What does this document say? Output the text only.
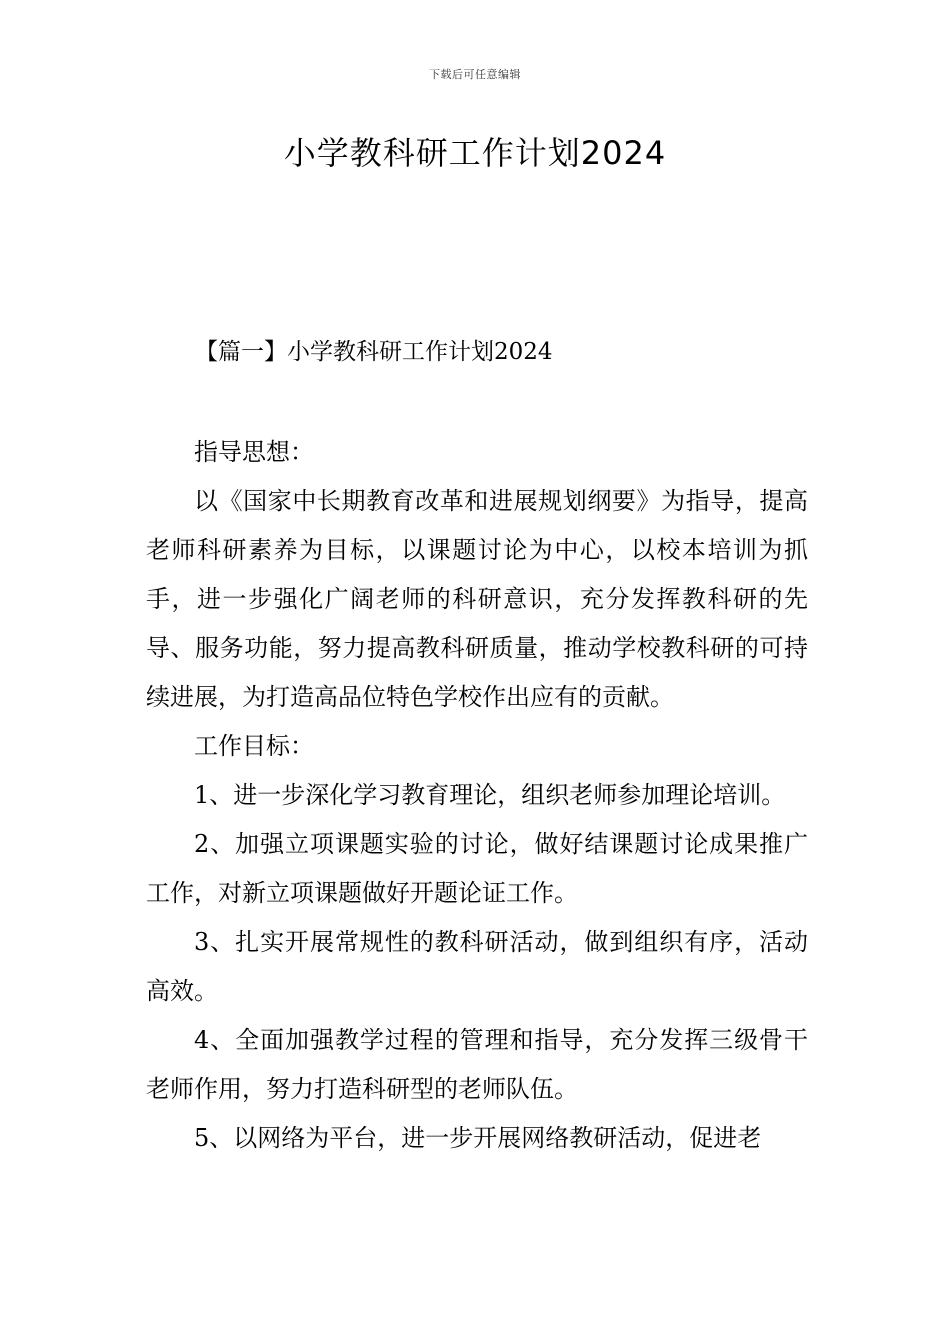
下载后可任意编辑
小学教科研工作计划2024
【篇一】小学教科研工作计划2024

指导思想：

以《国家中长期教育改革和进展规划纲要》为指导，提高老师科研素养为目标，以课题讨论为中心，以校本培训为抓手，进一步强化广阔老师的科研意识，充分发挥教科研的先导、服务功能，努力提高教科研质量，推动学校教科研的可持续进展，为打造高品位特色学校作出应有的贡献。

工作目标：

1、进一步深化学习教育理论，组织老师参加理论培训。

2、加强立项课题实验的讨论，做好结课题讨论成果推广工作，对新立项课题做好开题论证工作。

3、扎实开展常规性的教科研活动，做到组织有序，活动高效。

4、全面加强教学过程的管理和指导，充分发挥三级骨干老师作用，努力打造科研型的老师队伍。

5、以网络为平台，进一步开展网络教研活动，促进老
